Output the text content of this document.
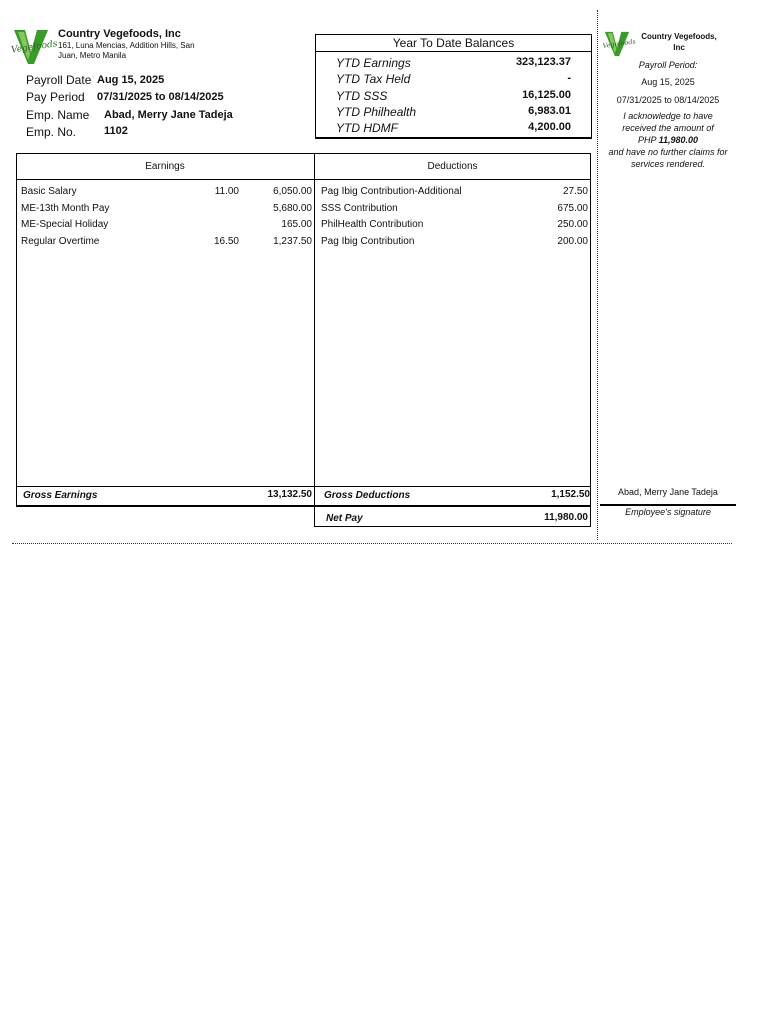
Vegefoods
Country Vegefoods, Inc
161, Luna Mencias, Addition Hills, San
Juan, Metro Manila
Payroll Date Aug 15, 2025
Pay Period 07/31/2025 to 08/14/2025
Emp. Name Abad, Merry Jane Tadeja
Emp. No.	1102
Year To Date Balances
YTD Earnings	323,123.37
YTD Tax Held	-
YTD SSS	16,125.00
YTD Philhealth	6,983.01
YTD HDMF	4,200.00
Earnings	Deductions
Basic Salary	11.00	6,050.00
ME-13th Month Pay	5,680.00
ME-Special Holiday	165.00
Regular Overtime	16.50	1,237.50
Pag Ibig Contribution-Additional	27.50
SSS Contribution	675.00
PhilHealth Contribution	250.00
Pag Ibig Contribution	200.00
Gross Earnings	13,132.50 Gross Deductions	1,152.50
Net Pay	11,980.00
Vegefoods
Country Vegefoods,
Inc
Payroll Period:
Aug 15, 2025
07/31/2025 to 08/14/2025
I acknowledge to have
received the amount of
PHP 11,980.00
and have no further claims for
services rendered.
Abad, Merry Jane Tadeja
Employee's signature
